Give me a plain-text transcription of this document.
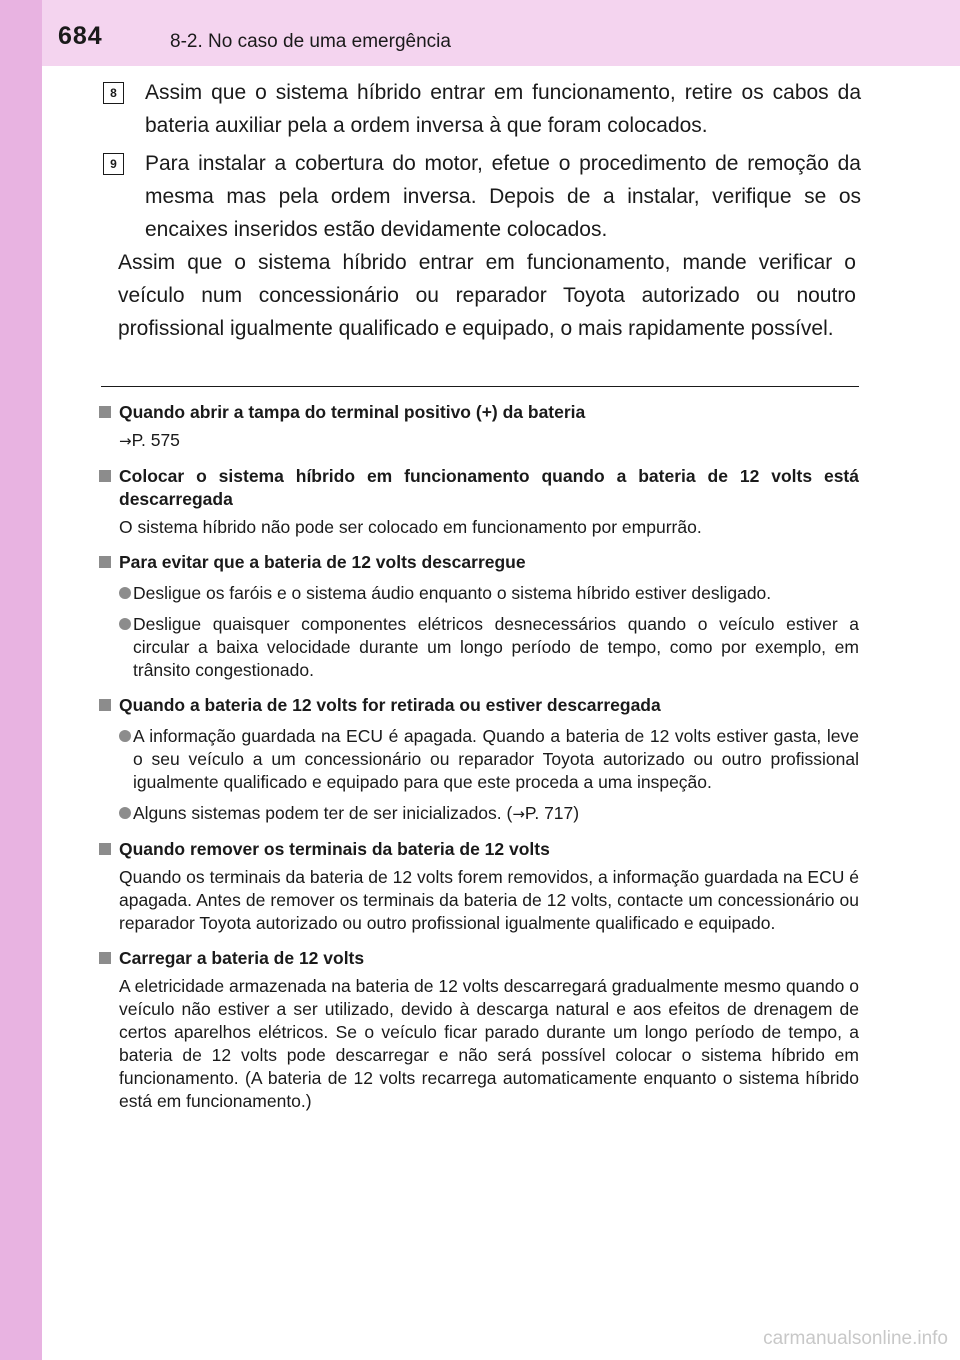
684	8-2. No caso de uma emergência
8	Assim que o sistema híbrido entrar em funcionamento, retire os cabos da bateria auxiliar pela a ordem inversa à que foram colocados.
9	Para instalar a cobertura do motor, efetue o procedimento de remoção da mesma mas pela ordem inversa. Depois de a instalar, verifique se os encaixes inseridos estão devidamente colocados.
Assim que o sistema híbrido entrar em funcionamento, mande verificar o veículo num concessionário ou reparador Toyota autorizado ou noutro profissional igualmente qualificado e equipado, o mais rapidamente possível.
Quando abrir a tampa do terminal positivo (+) da bateria
→P. 575
Colocar o sistema híbrido em funcionamento quando a bateria de 12 volts está descarregada
O sistema híbrido não pode ser colocado em funcionamento por empurrão.
Para evitar que a bateria de 12 volts descarregue
Desligue os faróis e o sistema áudio enquanto o sistema híbrido estiver desligado.
Desligue quaisquer componentes elétricos desnecessários quando o veículo estiver a circular a baixa velocidade durante um longo período de tempo, como por exemplo, em trânsito congestionado.
Quando a bateria de 12 volts for retirada ou estiver descarregada
A informação guardada na ECU é apagada. Quando a bateria de 12 volts estiver gasta, leve o seu veículo a um concessionário ou reparador Toyota autorizado ou outro profissional igualmente qualificado e equipado para que este proceda a uma inspeção.
Alguns sistemas podem ter de ser inicializados. (→P. 717)
Quando remover os terminais da bateria de 12 volts
Quando os terminais da bateria de 12 volts forem removidos, a informação guardada na ECU é apagada. Antes de remover os terminais da bateria de 12 volts, contacte um concessionário ou reparador Toyota autorizado ou outro profissional igualmente qualificado e equipado.
Carregar a bateria de 12 volts
A eletricidade armazenada na bateria de 12 volts descarregará gradualmente mesmo quando o veículo não estiver a ser utilizado, devido à descarga natural e aos efeitos de drenagem de certos aparelhos elétricos. Se o veículo ficar parado durante um longo período de tempo, a bateria de 12 volts pode descarregar e não será possível colocar o sistema híbrido em funcionamento. (A bateria de 12 volts recarrega automaticamente enquanto o sistema híbrido está em funcionamento.)
carmanualsonline.info
